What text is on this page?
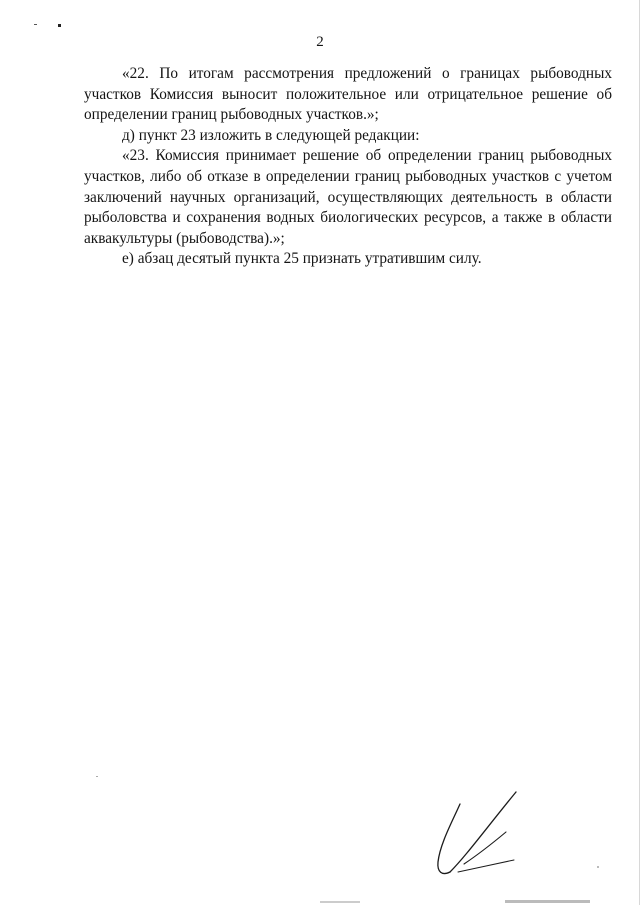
2

«22. По итогам рассмотрения предложений о границах рыбоводных участков Комиссия выносит положительное или отрицательное решение об определении границ рыбоводных участков.»;

д) пункт 23 изложить в следующей редакции:

«23. Комиссия принимает решение об определении границ рыбоводных участков, либо об отказе в определении границ рыбоводных участков с учетом заключений научных организаций, осуществляющих деятельность в области рыболовства и сохранения водных биологических ресурсов, а также в области аквакультуры (рыбоводства).»;

е) абзац десятый пункта 25 признать утратившим силу.
